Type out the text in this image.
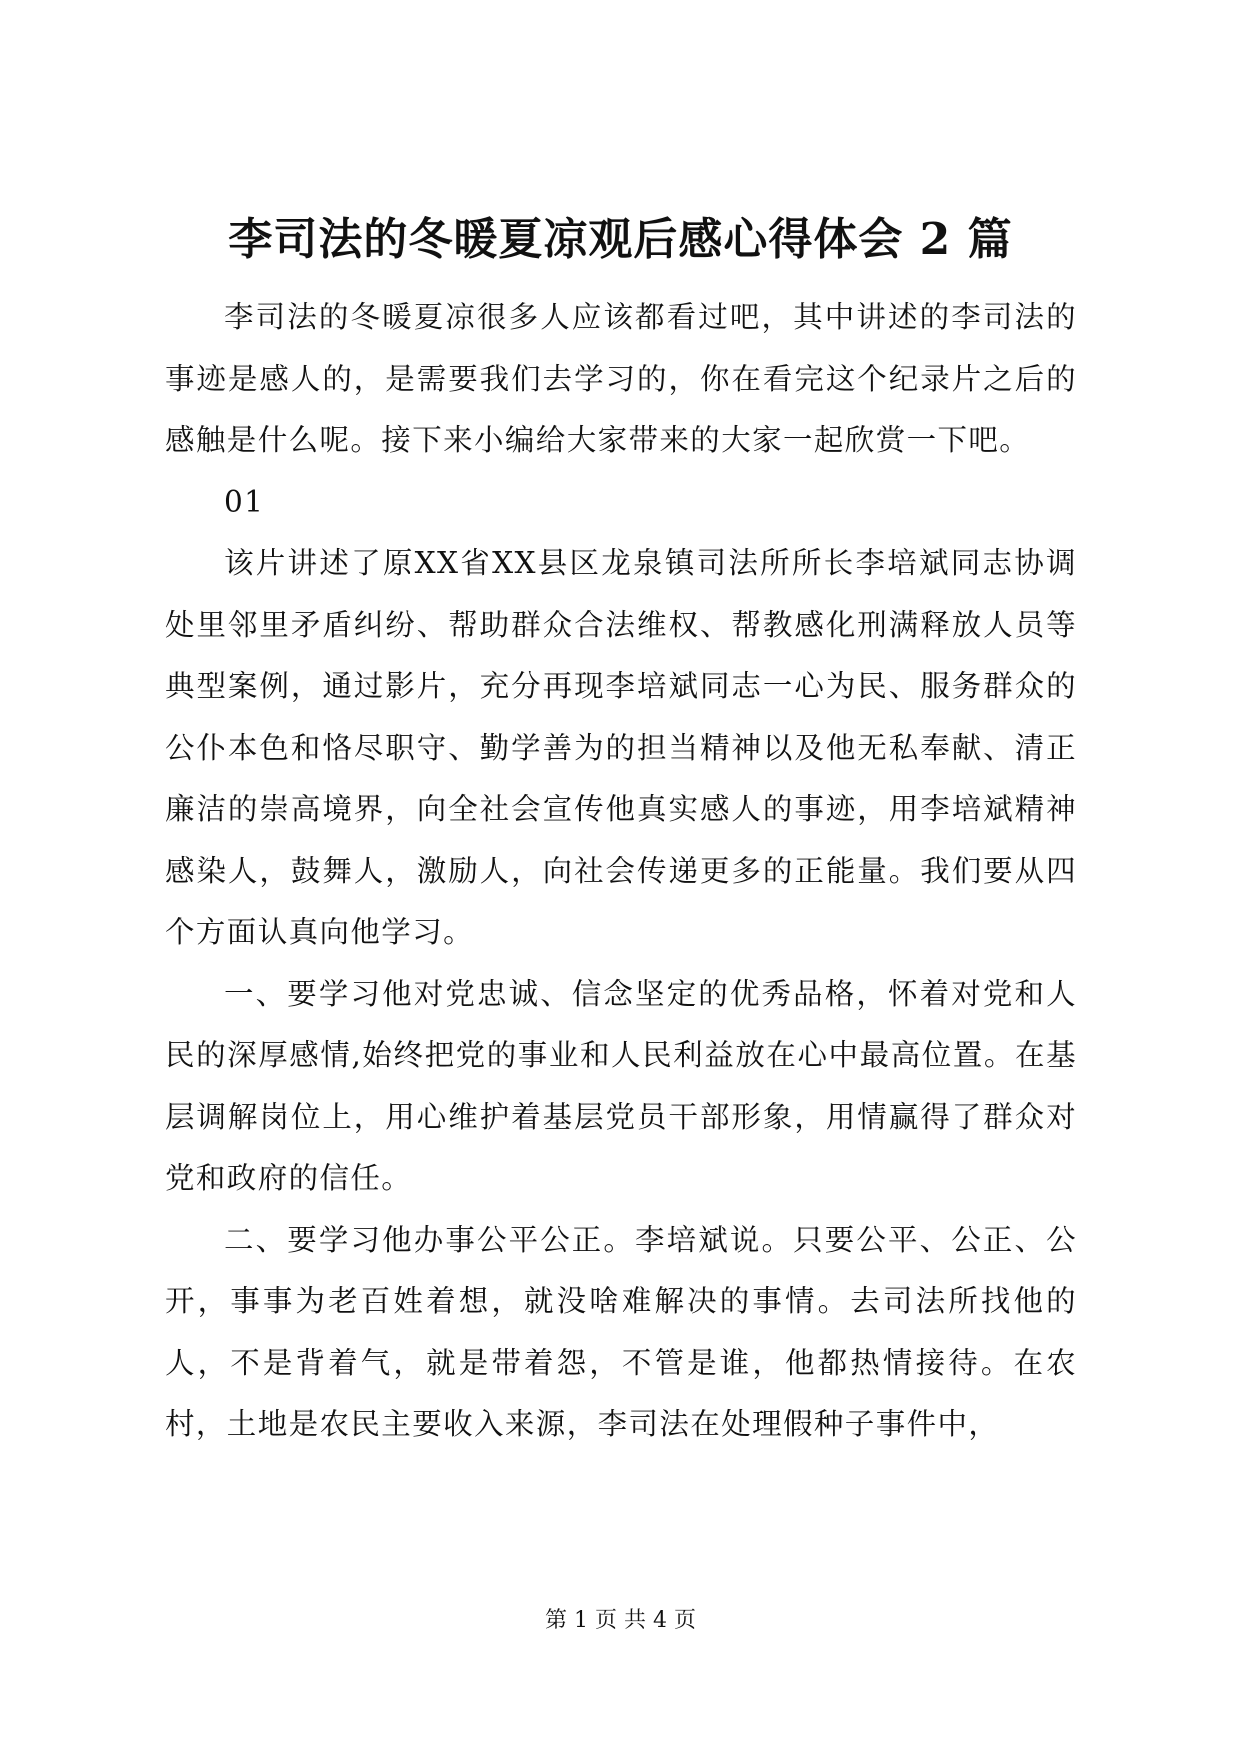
李司法的冬暖夏凉观后感心得体会 2 篇

李司法的冬暖夏凉很多人应该都看过吧，其中讲述的李司法的事迹是感人的，是需要我们去学习的，你在看完这个纪录片之后的感触是什么呢。接下来小编给大家带来的大家一起欣赏一下吧。

01

该片讲述了原XX省XX县区龙泉镇司法所所长李培斌同志协调处里邻里矛盾纠纷、帮助群众合法维权、帮教感化刑满释放人员等典型案例，通过影片，充分再现李培斌同志一心为民、服务群众的公仆本色和恪尽职守、勤学善为的担当精神以及他无私奉献、清正廉洁的崇高境界，向全社会宣传他真实感人的事迹，用李培斌精神感染人，鼓舞人，激励人，向社会传递更多的正能量。我们要从四个方面认真向他学习。

一、要学习他对党忠诚、信念坚定的优秀品格，怀着对党和人民的深厚感情,始终把党的事业和人民利益放在心中最高位置。在基层调解岗位上，用心维护着基层党员干部形象，用情赢得了群众对党和政府的信任。

二、要学习他办事公平公正。李培斌说。只要公平、公正、公开，事事为老百姓着想，就没啥难解决的事情。去司法所找他的人，不是背着气，就是带着怨，不管是谁，他都热情接待。在农村，土地是农民主要收入来源，李司法在处理假种子事件中，

第 1 页 共 4 页
